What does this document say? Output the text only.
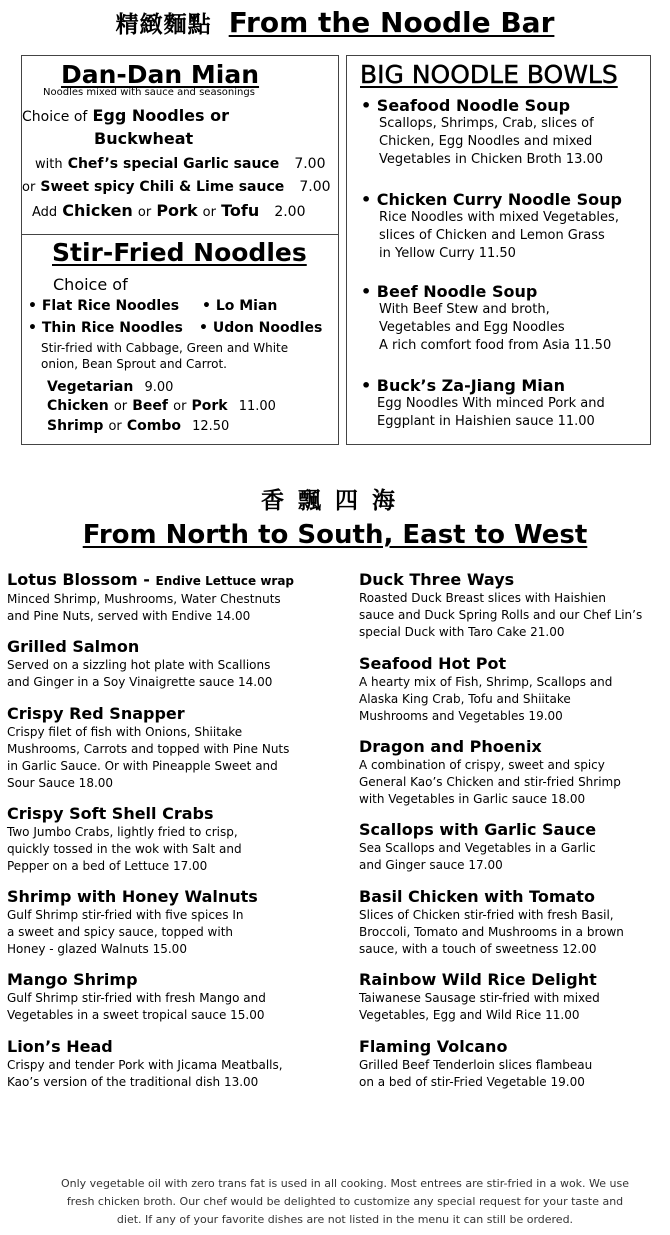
精緻麵點 From the Noodle Bar
Dan-Dan Mian
Noodles mixed with sauce and seasonings
Choice of Egg Noodles or
Buckwheat
with Chef’s special Garlic sauce 7.00
or Sweet spicy Chili & Lime sauce 7.00
Add Chicken or Pork or Tofu 2.00
Stir-Fried Noodles
Choice of
• Flat Rice Noodles • Lo Mian
• Thin Rice Noodles • Udon Noodles
Stir-fried with Cabbage, Green and White
onion, Bean Sprout and Carrot.
Vegetarian 9.00
Chicken or Beef or Pork 11.00
Shrimp or Combo 12.50
BIG NOODLE BOWLS
• Seafood Noodle Soup
Scallops, Shrimps, Crab, slices of
Chicken, Egg Noodles and mixed
Vegetables in Chicken Broth 13.00
• Chicken Curry Noodle Soup
Rice Noodles with mixed Vegetables,
slices of Chicken and Lemon Grass
in Yellow Curry 11.50
• Beef Noodle Soup
With Beef Stew and broth,
Vegetables and Egg Noodles
A rich comfort food from Asia 11.50
• Buck’s Za-Jiang Mian
Egg Noodles With minced Pork and
Eggplant in Haishien sauce 11.00
香飄四海
From North to South, East to West
Lotus Blossom - Endive Lettuce wrap
Minced Shrimp, Mushrooms, Water Chestnuts
and Pine Nuts, served with Endive 14.00
Grilled Salmon
Served on a sizzling hot plate with Scallions
and Ginger in a Soy Vinaigrette sauce 14.00
Crispy Red Snapper
Crispy filet of fish with Onions, Shiitake
Mushrooms, Carrots and topped with Pine Nuts
in Garlic Sauce. Or with Pineapple Sweet and
Sour Sauce 18.00
Crispy Soft Shell Crabs
Two Jumbo Crabs, lightly fried to crisp,
quickly tossed in the wok with Salt and
Pepper on a bed of Lettuce 17.00
Shrimp with Honey Walnuts
Gulf Shrimp stir-fried with five spices In
a sweet and spicy sauce, topped with
Honey - glazed Walnuts 15.00
Mango Shrimp
Gulf Shrimp stir-fried with fresh Mango and
Vegetables in a sweet tropical sauce 15.00
Lion’s Head
Crispy and tender Pork with Jicama Meatballs,
Kao’s version of the traditional dish 13.00
Duck Three Ways
Roasted Duck Breast slices with Haishien
sauce and Duck Spring Rolls and our Chef Lin’s
special Duck with Taro Cake 21.00
Seafood Hot Pot
A hearty mix of Fish, Shrimp, Scallops and
Alaska King Crab, Tofu and Shiitake
Mushrooms and Vegetables 19.00
Dragon and Phoenix
A combination of crispy, sweet and spicy
General Kao’s Chicken and stir-fried Shrimp
with Vegetables in Garlic sauce 18.00
Scallops with Garlic Sauce
Sea Scallops and Vegetables in a Garlic
and Ginger sauce 17.00
Basil Chicken with Tomato
Slices of Chicken stir-fried with fresh Basil,
Broccoli, Tomato and Mushrooms in a brown
sauce, with a touch of sweetness 12.00
Rainbow Wild Rice Delight
Taiwanese Sausage stir-fried with mixed
Vegetables, Egg and Wild Rice 11.00
Flaming Volcano
Grilled Beef Tenderloin slices flambeau
on a bed of stir-Fried Vegetable 19.00
Only vegetable oil with zero trans fat is used in all cooking. Most entrees are stir-fried in a wok. We use
fresh chicken broth. Our chef would be delighted to customize any special request for your taste and
diet. If any of your favorite dishes are not listed in the menu it can still be ordered.
